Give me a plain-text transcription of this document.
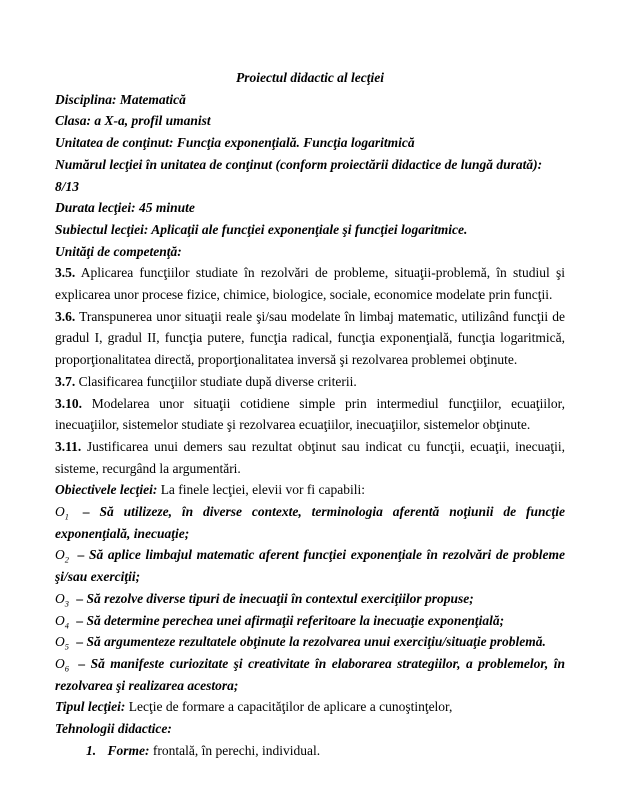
Proiectul didactic al lecţiei

Disciplina: Matematică

Clasa: a X-a, profil umanist

Unitatea de conţinut: Funcţia exponenţială. Funcţia logaritmică

Numărul lecţiei în unitatea de conţinut (conform proiectării didactice de lungă durată): 8/13

Durata lecţiei: 45 minute

Subiectul lecţiei: Aplicaţii ale funcţiei exponenţiale şi funcţiei logaritmice.

Unităţi de competenţă:

3.5. Aplicarea funcţiilor studiate în rezolvări de probleme, situaţii-problemă, în studiul şi explicarea unor procese fizice, chimice, biologice, sociale, economice modelate prin funcţii.

3.6. Transpunerea unor situaţii reale şi/sau modelate în limbaj matematic, utilizând funcţii de gradul I, gradul II, funcţia putere, funcţia radical, funcţia exponenţială, funcţia logaritmică, proporţionalitatea directă, proporţionalitatea inversă şi rezolvarea problemei obţinute.

3.7. Clasificarea funcţiilor studiate după diverse criterii.

3.10. Modelarea unor situaţii cotidiene simple prin intermediul funcţiilor, ecuaţiilor, inecuaţiilor, sistemelor studiate şi rezolvarea ecuaţiilor, inecuaţiilor, sistemelor obţinute.

3.11. Justificarea unui demers sau rezultat obţinut sau indicat cu funcţii, ecuaţii, inecuaţii, sisteme, recurgând la argumentări.

Obiectivele lecţiei: La finele lecţiei, elevii vor fi capabili:

$O_1$ – Să utilizeze, în diverse contexte, terminologia aferentă noţiunii de funcţie exponenţială, inecuaţie;

$O_2$ – Să aplice limbajul matematic aferent funcţiei exponenţiale în rezolvări de probleme şi/sau exerciţii;

$O_3$ – Să rezolve diverse tipuri de inecuaţii în contextul exerciţiilor propuse;

$O_4$ – Să determine perechea unei afirmaţii referitoare la inecuaţie exponenţială;

$O_5$ – Să argumenteze rezultatele obţinute la rezolvarea unui exerciţiu/situaţie problemă.

$O_6$ – Să manifeste curiozitate şi creativitate în elaborarea strategiilor, a problemelor, în rezolvarea şi realizarea acestora;

Tipul lecţiei: Lecţie de formare a capacităţilor de aplicare a cunoştinţelor,

Tehnologii didactice:

1. Forme: frontală, în perechi, individual.
